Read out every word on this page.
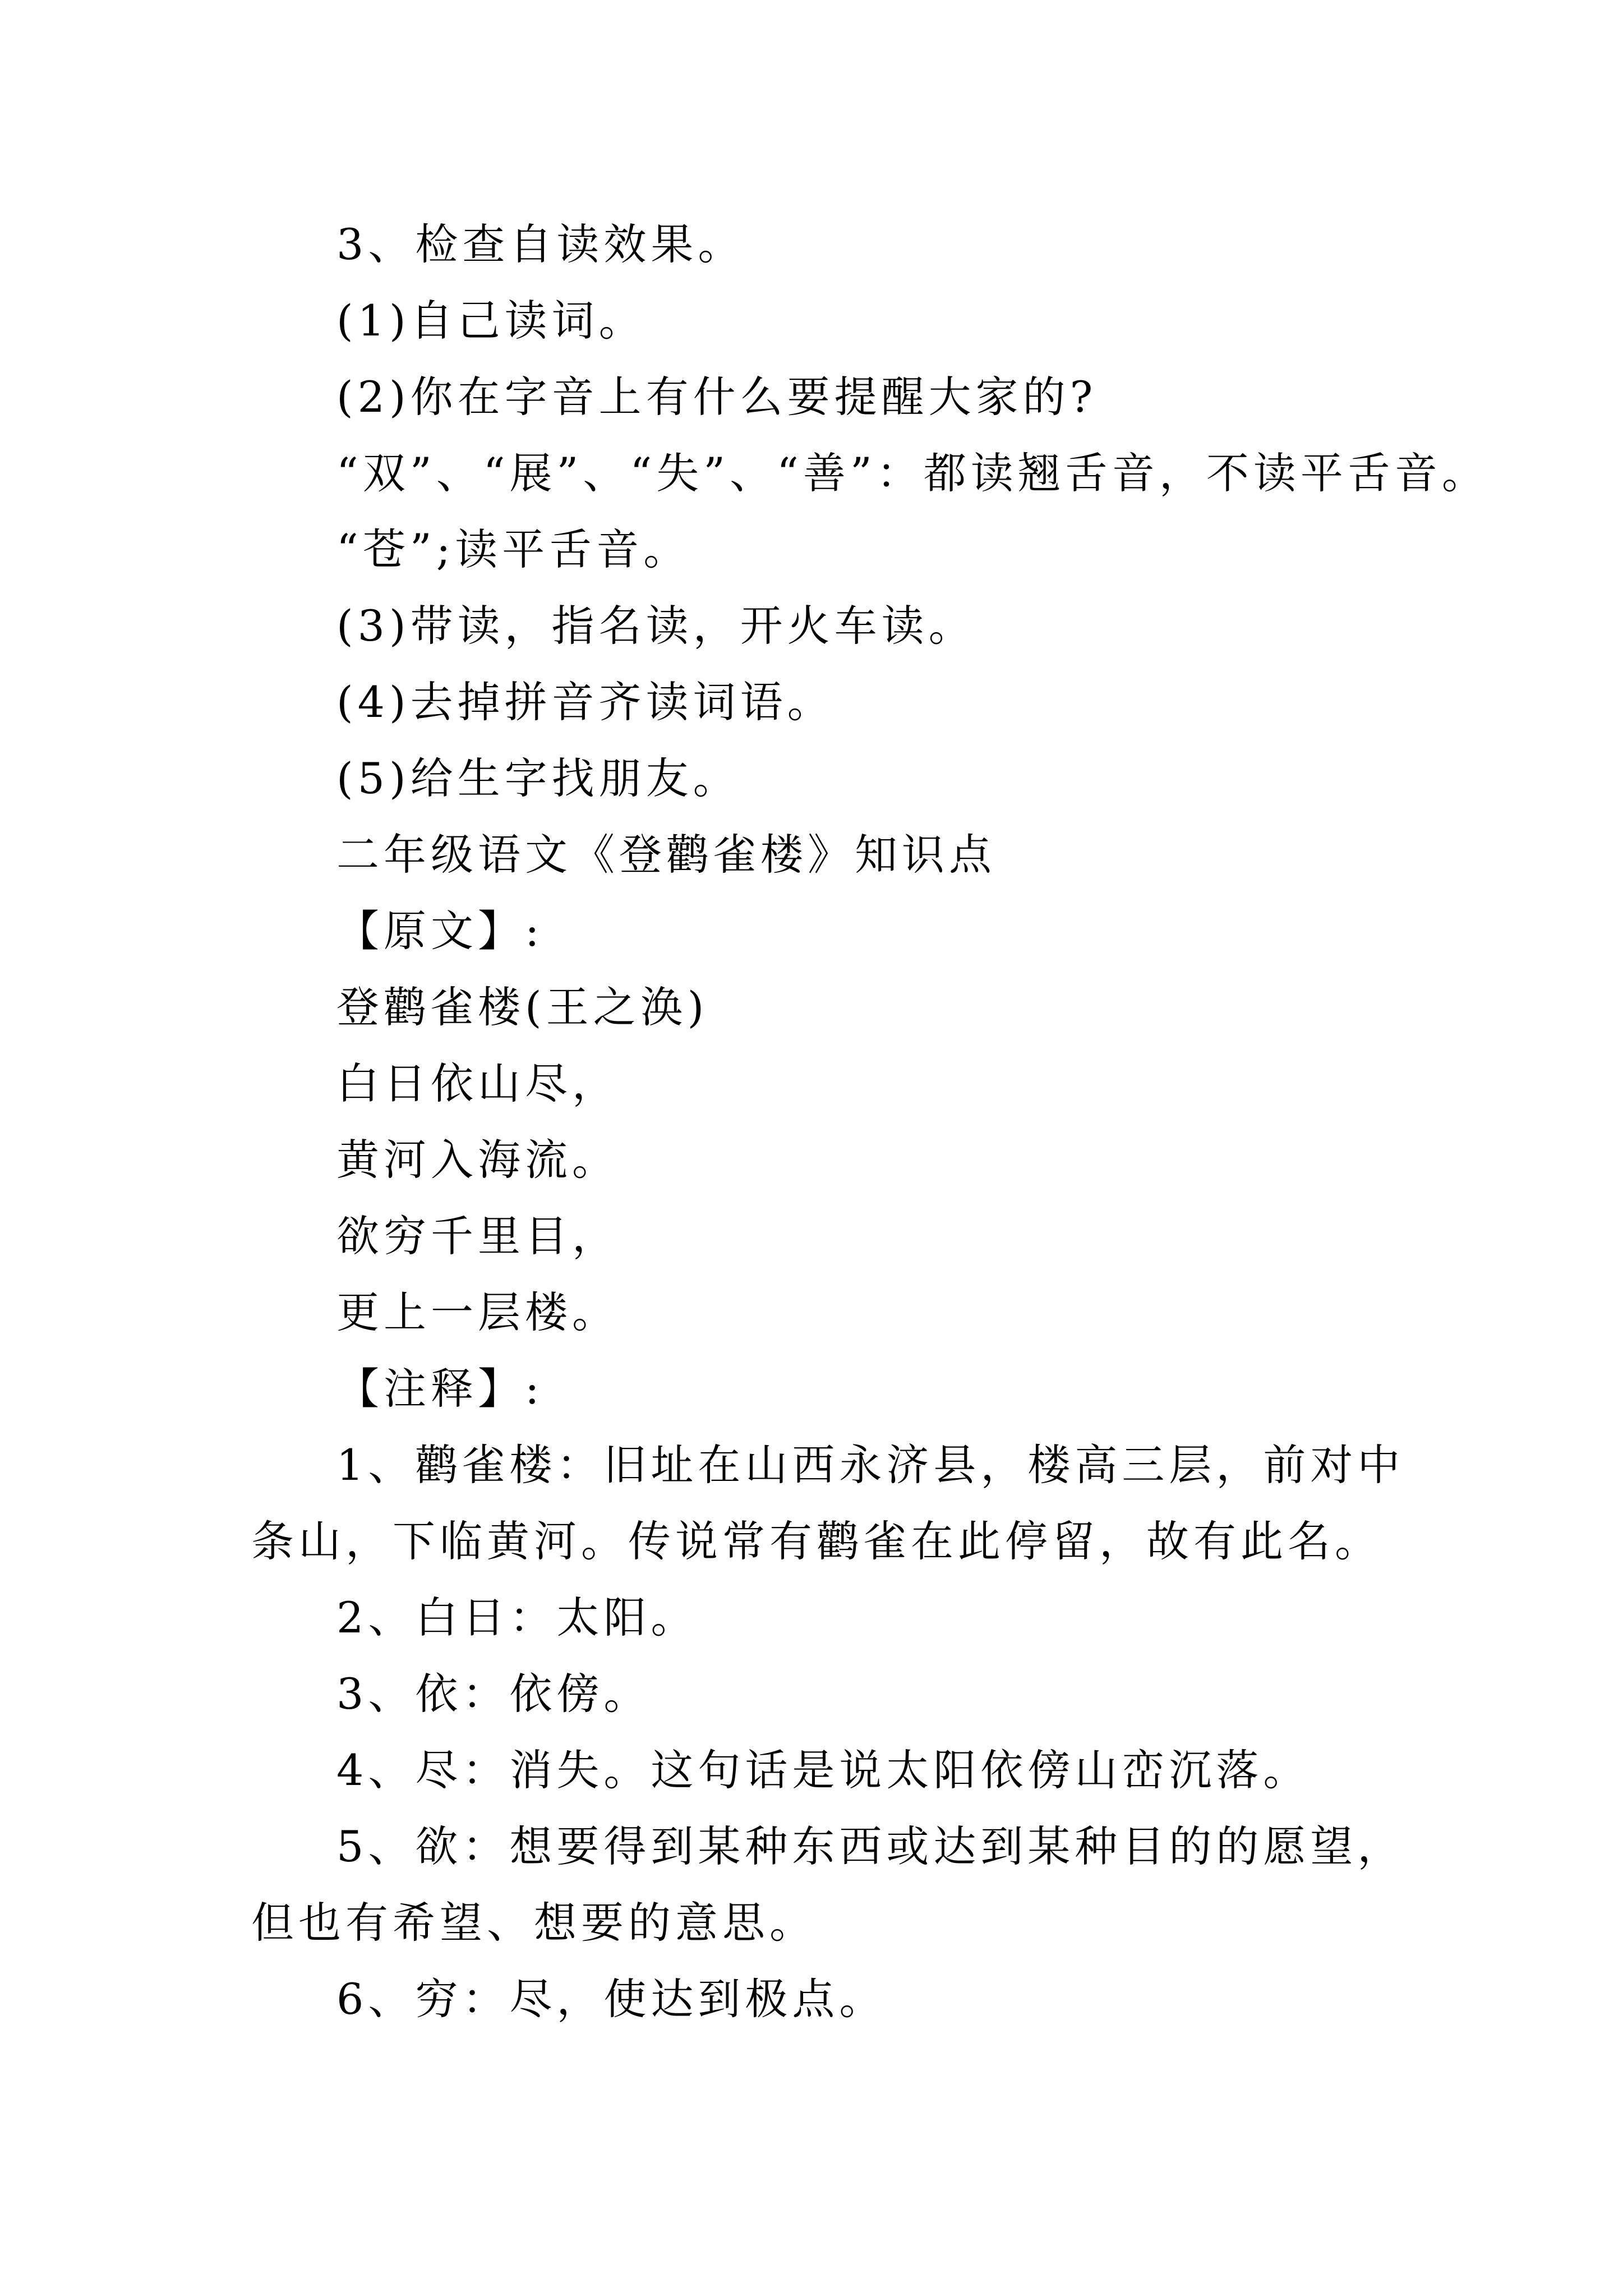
3、检查自读效果。

(1)自己读词。

(2)你在字音上有什么要提醒大家的?

“双”、“展”、“失”、“善”：都读翘舌音，不读平舌音。

“苍”;读平舌音。

(3)带读，指名读，开火车读。

(4)去掉拼音齐读词语。

(5)给生字找朋友。

二年级语文《登鹳雀楼》知识点

【原文】:

登鹳雀楼(王之涣)

白日依山尽，

黄河入海流。

欲穷千里目，

更上一层楼。

【注释】:

1、鹳雀楼：旧址在山西永济县，楼高三层，前对中条山，下临黄河。传说常有鹳雀在此停留，故有此名。

2、白日：太阳。

3、依：依傍。

4、尽：消失。这句话是说太阳依傍山峦沉落。

5、欲：想要得到某种东西或达到某种目的的愿望，但也有希望、想要的意思。

6、穷：尽，使达到极点。
